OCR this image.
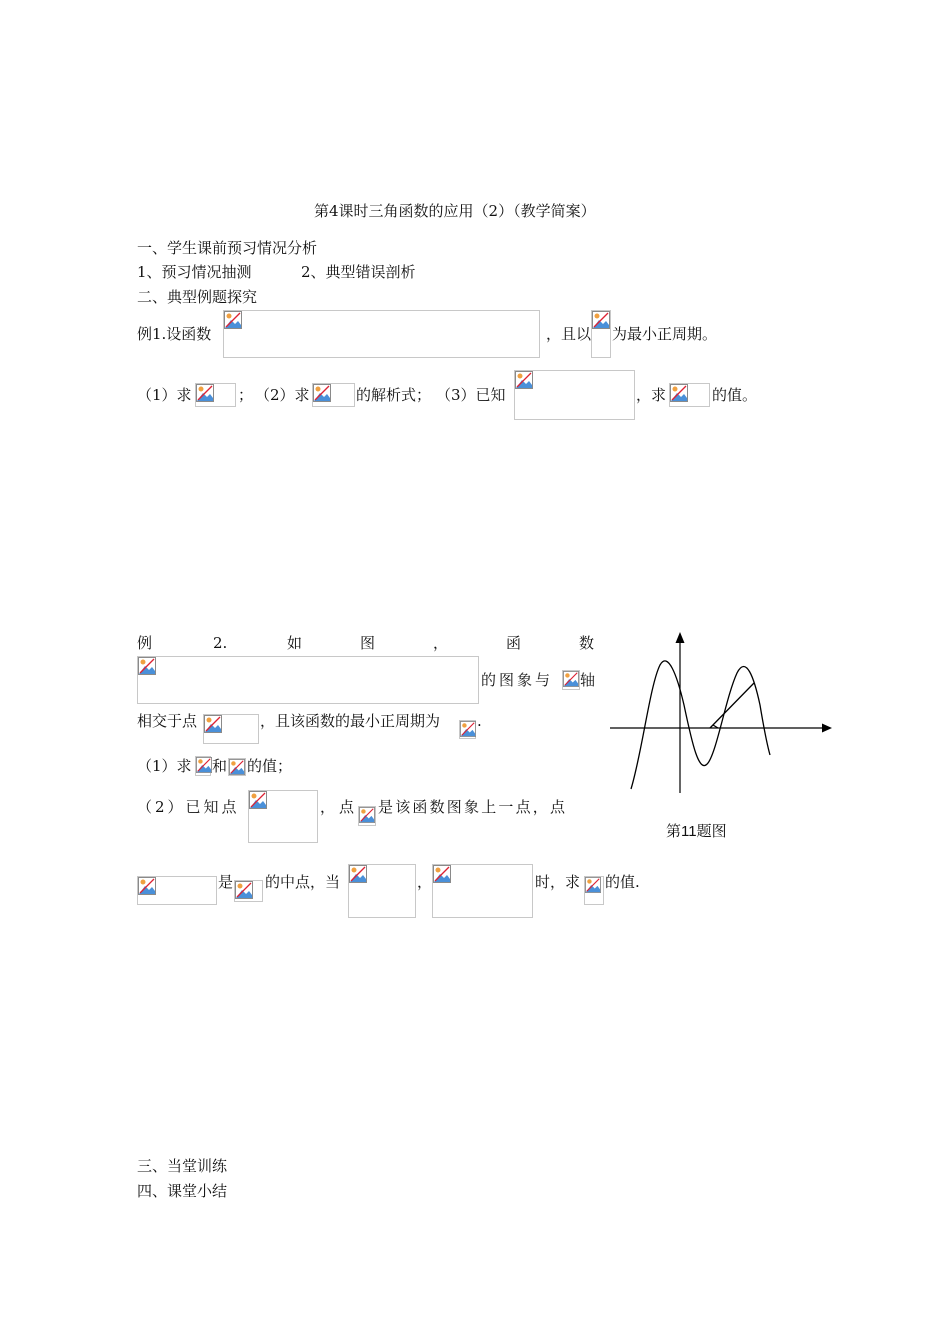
第4课时三角函数的应用（2）（教学简案）
一、学生课前预习情况分析
1、预习情况抽测	2、典型错误剖析
二、典型例题探究
例1.设函数	，且以 为最小正周期。
（1）求	； （2）求	的解析式； （3）已知	，求	的值。
例	2.	如	图	，	函	数
的图象与 轴
相交于点	，且该函数的最小正周期为 .
（1）求 和 的值；
（2）已知点	，点 是该函数图象上一点，点
是 的中点，当	，	时，求 的值.
第11题图
三、当堂训练
四、课堂小结
